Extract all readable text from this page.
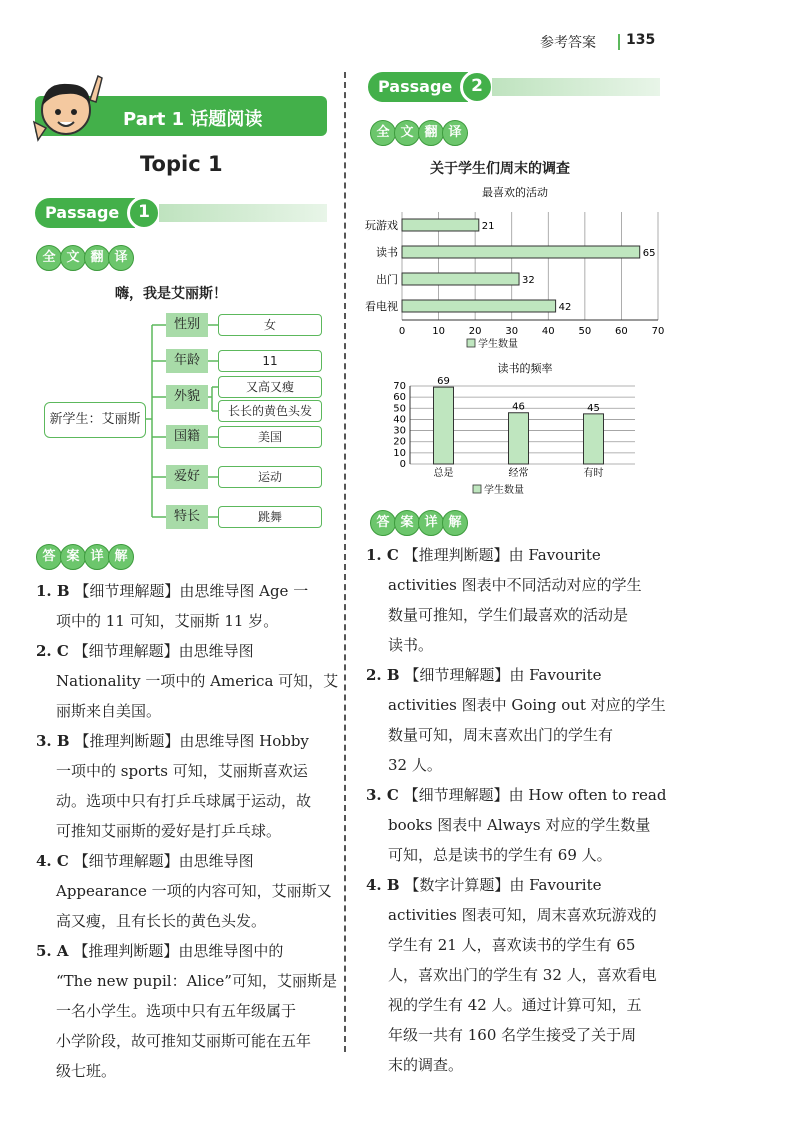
参考答案 135
Part 1 话题阅读
Topic 1
Passage	1
全 文 翻 译
嗨，我是艾丽斯！
新学生：艾丽斯
性别	女
年龄	11
外貌
又高又瘦
长长的黄色头发
国籍	美国
爱好	运动
特长	跳舞
答 案 详 解
1. B 【细节理解题】由思维导图 Age 一
项中的 11 可知，艾丽斯 11 岁。
2. C 【细节理解题】由思维导图
Nationality 一项中的 America 可知，艾
丽斯来自美国。
3. B 【推理判断题】由思维导图 Hobby
一项中的 sports 可知，艾丽斯喜欢运
动。选项中只有打乒乓球属于运动，故
可推知艾丽斯的爱好是打乒乓球。
4. C 【细节理解题】由思维导图
Appearance 一项的内容可知，艾丽斯又
高又瘦，且有长长的黄色头发。
5. A 【推理判断题】由思维导图中的
“The new pupil：Alice”可知，艾丽斯是
一名小学生。选项中只有五年级属于
小学阶段，故可推知艾丽斯可能在五年
级七班。
Passage	2
全 文 翻 译
关于学生们周末的调查
最喜欢的活动
0	10 20 30 40 50 60 70
玩游戏	21
读书	65
出门	32
看电视	42
学生数量
读书的频率
0
10
20
30
40
50
60
70	69
总是
46
经常
45
有时
学生数量
答 案 详 解
1. C 【推理判断题】由 Favourite
activities 图表中不同活动对应的学生
数量可推知，学生们最喜欢的活动是
读书。
2. B 【细节理解题】由 Favourite
activities 图表中 Going out 对应的学生
数量可知，周末喜欢出门的学生有
32 人。
3. C 【细节理解题】由 How often to read
books 图表中 Always 对应的学生数量
可知，总是读书的学生有 69 人。
4. B 【数字计算题】由 Favourite
activities 图表可知，周末喜欢玩游戏的
学生有 21 人，喜欢读书的学生有 65
人，喜欢出门的学生有 32 人，喜欢看电
视的学生有 42 人。通过计算可知，五
年级一共有 160 名学生接受了关于周
末的调查。
